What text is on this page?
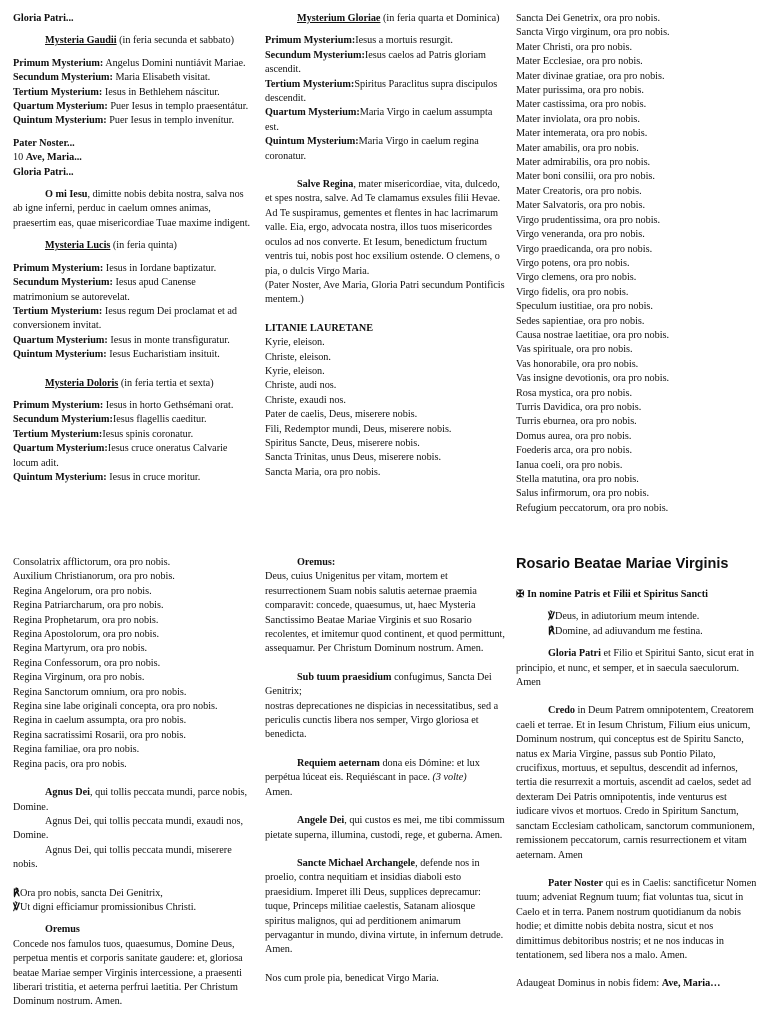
Gloria Patri...

Mysteria Gaudii (in feria secunda et sabbato)

Primum Mysterium: Angelus Domini nuntiávit Mariae.

Secundum Mysterium: Maria Elisabeth visitat.

Tertium Mysterium: Iesus in Bethlehem náscitur.

Quartum Mysterium: Puer Iesus in templo praesentátur.

Quintum Mysterium: Puer Iesus in templo invenítur.

Pater Noster...

10 Ave, Maria...

Gloria Patri...

O mi Iesu, dimitte nobis debita nostra, salva nos ab igne inferni, perduc in caelum omnes animas, praesertim eas, quae misericordiae Tuae maxime indigent.

Mysteria Lucis (in feria quinta)

Primum Mysterium: Iesus in Iordane baptizatur.

Secundum Mysterium: Iesus apud Canense matrimonium se autorevelat.

Tertium Mysterium: Iesus regum Dei proclamat et ad conversionem invitat.

Quartum Mysterium: Iesus in monte transfiguratur.

Quintum Mysterium: Iesus Eucharistiam insituit.

Mysteria Doloris (in feria tertia et sexta)

Primum Mysterium: Iesus in horto Gethsémani orat.

Secundum Mysterium:Iesus flagellis caeditur.

Tertium Mysterium:Iesus spinis coronatur.

Quartum Mysterium:Iesus cruce oneratus Calvarie locum adit.

Quintum Mysterium: Iesus in cruce moritur.

Mysterium Gloriae (in feria quarta et Dominica)

Primum Mysterium:Iesus a mortuis resurgit.

Secundum Mysterium:Iesus caelos ad Patris gloriam ascendit.

Tertium Mysterium:Spiritus Paraclitus supra discipulos descendit.

Quartum Mysterium:Maria Virgo in caelum assumpta est.

Quintum Mysterium:Maria Virgo in caelum regina coronatur.

Salve Regina, mater misericordiae, vita, dulcedo, et spes nostra, salve. Ad Te clamamus exsules filii Hevae. Ad Te suspiramus, gementes et flentes in hac lacrimarum valle. Eia, ergo, advocata nostra, illos tuos misericordes oculos ad nos converte. Et Iesum, benedictum fructum ventris tui, nobis post hoc exsilium ostende. O clemens, o pia, o dulcis Virgo Maria.

(Pater Noster, Ave Maria, Gloria Patri secundum Pontificis mentem.)

LITANIE LAURETANE

Kyrie, eleison.

Christe, eleison.

Kyrie, eleison.

Christe, audi nos.

Christe, exaudi nos.

Pater de caelis, Deus, miserere nobis.

Fili, Redemptor mundi, Deus, miserere nobis.

Spiritus Sancte, Deus, miserere nobis.

Sancta Trinitas, unus Deus, miserere nobis.

Sancta Maria, ora pro nobis.

Sancta Dei Genetrix, ora pro nobis.

Sancta Virgo virginum, ora pro nobis.

Mater Christi, ora pro nobis.

Mater Ecclesiae, ora pro nobis.

Mater divinae gratiae, ora pro nobis.

Mater purissima, ora pro nobis.

Mater castissima, ora pro nobis.

Mater inviolata, ora pro nobis.

Mater intemerata, ora pro nobis.

Mater amabilis, ora pro nobis.

Mater admirabilis, ora pro nobis.

Mater boni consilii, ora pro nobis.

Mater Creatoris, ora pro nobis.

Mater Salvatoris, ora pro nobis.

Virgo prudentissima, ora pro nobis.

Virgo veneranda, ora pro nobis.

Virgo praedicanda, ora pro nobis.

Virgo potens, ora pro nobis.

Virgo clemens, ora pro nobis.

Virgo fidelis, ora pro nobis.

Speculum iustitiae, ora pro nobis.

Sedes sapientiae, ora pro nobis.

Causa nostrae laetitiae, ora pro nobis.

Vas spirituale, ora pro nobis.

Vas honorabile, ora pro nobis.

Vas insigne devotionis, ora pro nobis.

Rosa mystica, ora pro nobis.

Turris Davidica, ora pro nobis.

Turris eburnea, ora pro nobis.

Domus aurea, ora pro nobis.

Foederis arca, ora pro nobis.

Ianua coeli, ora pro nobis.

Stella matutina, ora pro nobis.

Salus infirmorum, ora pro nobis.

Refugium peccatorum, ora pro nobis.

Consolatrix afflictorum, ora pro nobis.

Auxilium Christianorum, ora pro nobis.

Regina Angelorum, ora pro nobis.

Regina Patriarcharum, ora pro nobis.

Regina Prophetarum, ora pro nobis.

Regina Apostolorum, ora pro nobis.

Regina Martyrum, ora pro nobis.

Regina Confessorum, ora pro nobis.

Regina Virginum, ora pro nobis.

Regina Sanctorum omnium, ora pro nobis.

Regina sine labe originali concepta, ora pro nobis.

Regina in caelum assumpta, ora pro nobis.

Regina sacratissimi Rosarii, ora pro nobis.

Regina familiae, ora pro nobis.

Regina pacis, ora pro nobis.

Agnus Dei, qui tollis peccata mundi, parce nobis, Domine.

Agnus Dei, qui tollis peccata mundi, exaudi nos, Domine.

Agnus Dei, qui tollis peccata mundi, miserere nobis.

℟Ora pro nobis, sancta Dei Genitrix,

℣Ut digni efficiamur promissionibus Christi.

Oremus

Concede nos famulos tuos, quaesumus, Domine Deus, perpetua mentis et corporis sanitate gaudere: et, gloriosa beatae Mariae semper Virginis intercessione, a praesenti liberari tristitia, et aeterna perfrui laetitia. Per Christum Dominum nostrum. Amen.

Oremus:

Deus, cuius Unigenitus per vitam, mortem et resurrectionem Suam nobis salutis aeternae praemia comparavit: concede, quaesumus, ut, haec Mysteria Sanctissimo Beatae Mariae Virginis et suo Rosario recolentes, et imitemur quod continent, et quod permittunt, assequamur. Per Christum Dominum nostrum. Amen.

Sub tuum praesidium confugimus, Sancta Dei Genitrix;

nostras deprecationes ne dispicias in necessitatibus, sed a periculis cunctis libera nos semper, Virgo gloriosa et benedicta.

Requiem aeternam dona eis Dómine: et lux perpétua lúceat eis. Requiéscant in pace. (3 volte)

Amen.

Angele Dei, qui custos es mei, me tibi commissum pietate superna, illumina, custodi, rege, et guberna. Amen.

Sancte Michael Archangele, defende nos in proelio, contra nequitiam et insidias diaboli esto praesidium. Imperet illi Deus, supplices deprecamur: tuque, Princeps militiae caelestis, Satanam aliosque spiritus malignos, qui ad perditionem animarum pervagantur in mundo, divina virtute, in infernum detrude. Amen.

Nos cum prole pia, benedicat Virgo Maria.

Rosario Beatae Mariae Virginis

✠ In nomine Patris et Filii et Spiritus Sancti

℣Deus, in adiutorium meum intende.

℟Domine, ad adiuvandum me festina.

Gloria Patri et Filio et Spiritui Santo, sicut erat in principio, et nunc, et semper, et in saecula saeculorum. Amen

Credo in Deum Patrem omnipotentem, Creatorem caeli et terrae. Et in Iesum Christum, Filium eius unicum, Dominum nostrum, qui conceptus est de Spiritu Sancto, natus ex Maria Virgine, passus sub Pontio Pilato, crucifixus, mortuus, et sepultus, descendit ad infernos, tertia die resurrexit a mortuis, ascendit ad caelos, sedet ad dexteram Dei Patris omnipotentis, inde venturus est iudicare vivos et mortuos. Credo in Spiritum Sanctum, sanctam Ecclesiam catholicam, sanctorum communionem, remissionem peccatorum, carnis resurrectionem et vitam aeternam. Amen

Pater Noster qui es in Caelis: sanctificetur Nomen tuum; adveniat Regnum tuum; fiat voluntas tua, sicut in Caelo et in terra. Panem nostrum quotidianum da nobis hodie; et dimitte nobis debita nostra, sicut et nos dimittimus debitoribus nostris; et ne nos inducas in tentationem, sed libera nos a malo. Amen.

Adaugeat Dominus in nobis fidem: Ave, Maria…
